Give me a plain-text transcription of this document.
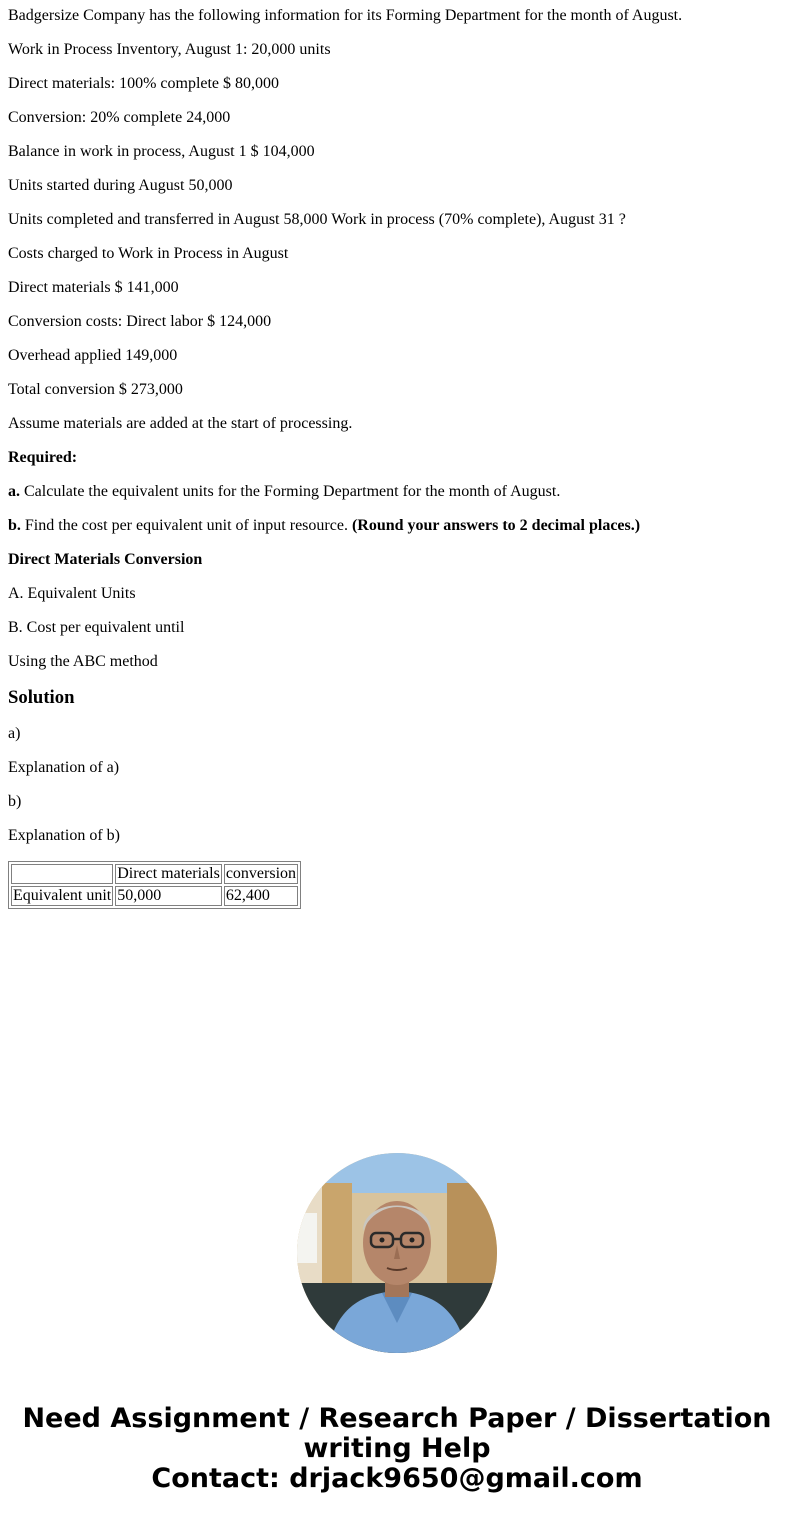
Badgersize Company has the following information for its Forming Department for the month of August.

Work in Process Inventory, August 1: 20,000 units

Direct materials: 100% complete $ 80,000

Conversion: 20% complete 24,000

Balance in work in process, August 1 $ 104,000

Units started during August 50,000

Units completed and transferred in August 58,000 Work in process (70% complete), August 31 ?

Costs charged to Work in Process in August

Direct materials $ 141,000

Conversion costs: Direct labor $ 124,000

Overhead applied 149,000

Total conversion $ 273,000

Assume materials are added at the start of processing.

Required:

a. Calculate the equivalent units for the Forming Department for the month of August.

b. Find the cost per equivalent unit of input resource. (Round your answers to 2 decimal places.)

Direct Materials Conversion

A. Equivalent Units

B. Cost per equivalent until

Using the ABC method

Solution

a)

Explanation of a)

b)

Explanation of b)

	Direct materials	conversion
Equivalent unit	50,000	62,400
Need Assignment / Research Paper / Dissertation
writing Help
Contact: drjack9650@gmail.com
